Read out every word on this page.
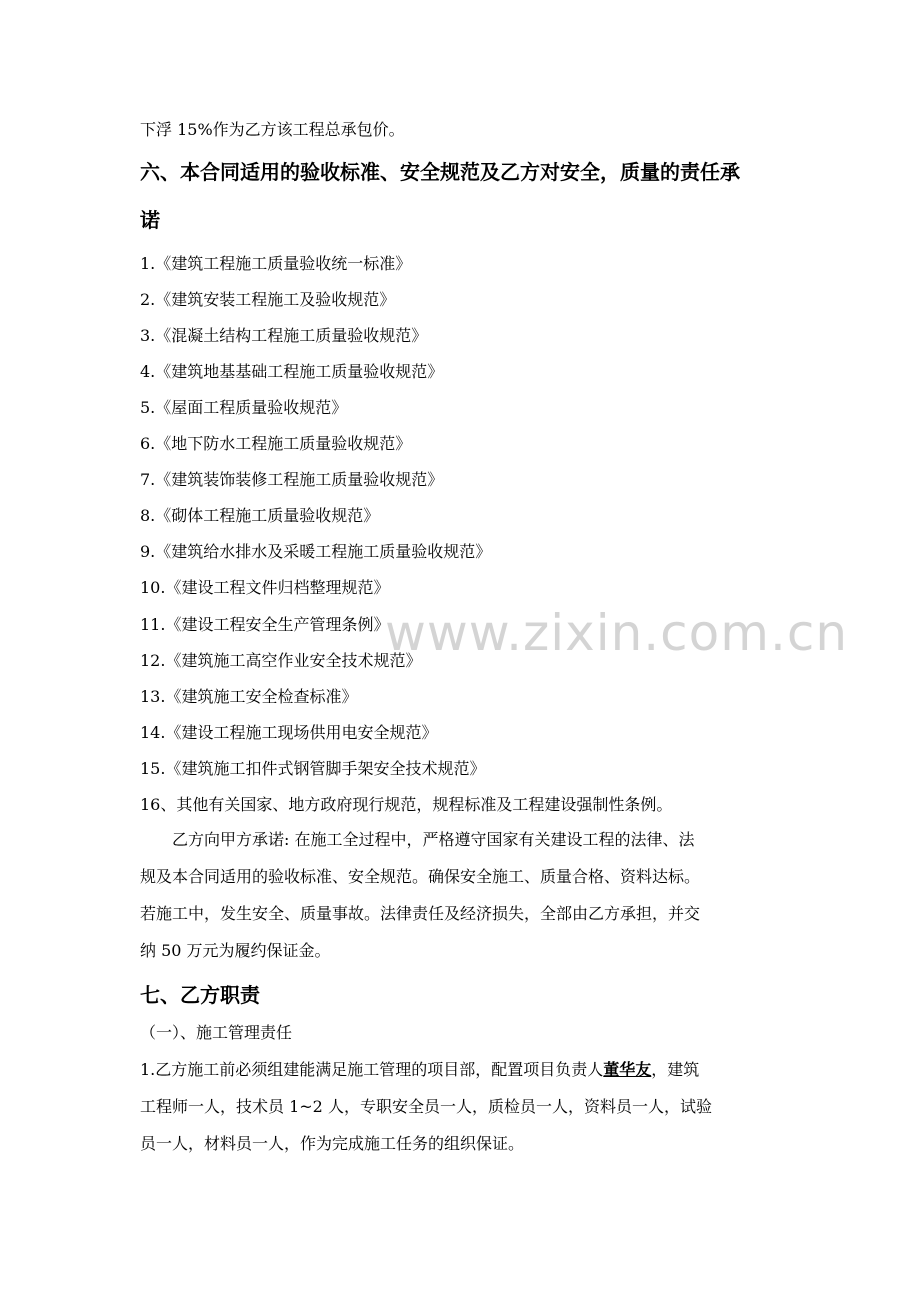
下浮 15%作为乙方该工程总承包价。
六、本合同适用的验收标准、安全规范及乙方对安全，质量的责任承
诺
1.《建筑工程施工质量验收统一标准》
2.《建筑安装工程施工及验收规范》
3.《混凝土结构工程施工质量验收规范》
4.《建筑地基基础工程施工质量验收规范》
5.《屋面工程质量验收规范》
6.《地下防水工程施工质量验收规范》
7.《建筑装饰装修工程施工质量验收规范》
8.《砌体工程施工质量验收规范》
9.《建筑给水排水及采暖工程施工质量验收规范》
10.《建设工程文件归档整理规范》
11.《建设工程安全生产管理条例》
12.《建筑施工高空作业安全技术规范》
13.《建筑施工安全检查标准》
14.《建设工程施工现场供用电安全规范》
15.《建筑施工扣件式钢管脚手架安全技术规范》
16、其他有关国家、地方政府现行规范，规程标准及工程建设强制性条例。
乙方向甲方承诺: 在施工全过程中，严格遵守国家有关建设工程的法律、法
规及本合同适用的验收标准、安全规范。确保安全施工、质量合格、资料达标。
若施工中，发生安全、质量事故。法律责任及经济损失，全部由乙方承担，并交
纳 50 万元为履约保证金。
七、乙方职责
（一）、施工管理责任
1.乙方施工前必须组建能满足施工管理的项目部，配置项目负责人董华友，建筑
工程师一人，技术员 1~2 人，专职安全员一人，质检员一人，资料员一人，试验
员一人，材料员一人，作为完成施工任务的组织保证。
www.zixin.com.cn
